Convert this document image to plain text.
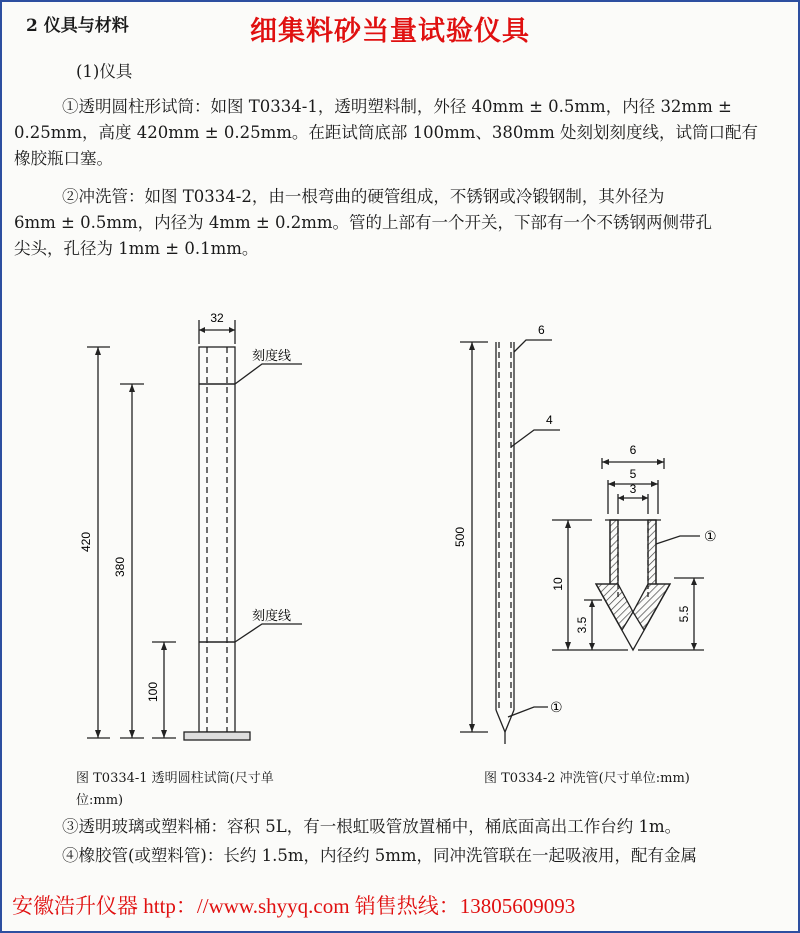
2 仪具与材料	细集料砂当量试验仪具
(1)仪具
①透明圆柱形试筒：如图 T0334-1，透明塑料制，外径 40mm ± 0.5mm，内径 32mm ±
0.25mm，高度 420mm ± 0.25mm。在距试筒底部 100mm、380mm 处刻划刻度线，试筒口配有
橡胶瓶口塞。
②冲洗管：如图 T0334-2，由一根弯曲的硬管组成，不锈钢或冷锻钢制，其外径为
6mm ± 0.5mm，内径为 4mm ± 0.2mm。管的上部有一个开关，下部有一个不锈钢两侧带孔
尖头，孔径为 1mm ± 0.1mm。
32
刻度线
刻度线
420
380
100
图 T0334-1 透明圆柱试筒(尺寸单
位:mm)
6
4
500
①
6
5
3
①
10
3.5
5.5
图 T0334-2 冲洗管(尺寸单位:mm)
③透明玻璃或塑料桶：容积 5L，有一根虹吸管放置桶中，桶底面高出工作台约 1m。
④橡胶管(或塑料管)：长约 1.5m，内径约 5mm，同冲洗管联在一起吸液用，配有金属
安徽浩升仪器 http：//www.shyyq.com 销售热线：13805609093
